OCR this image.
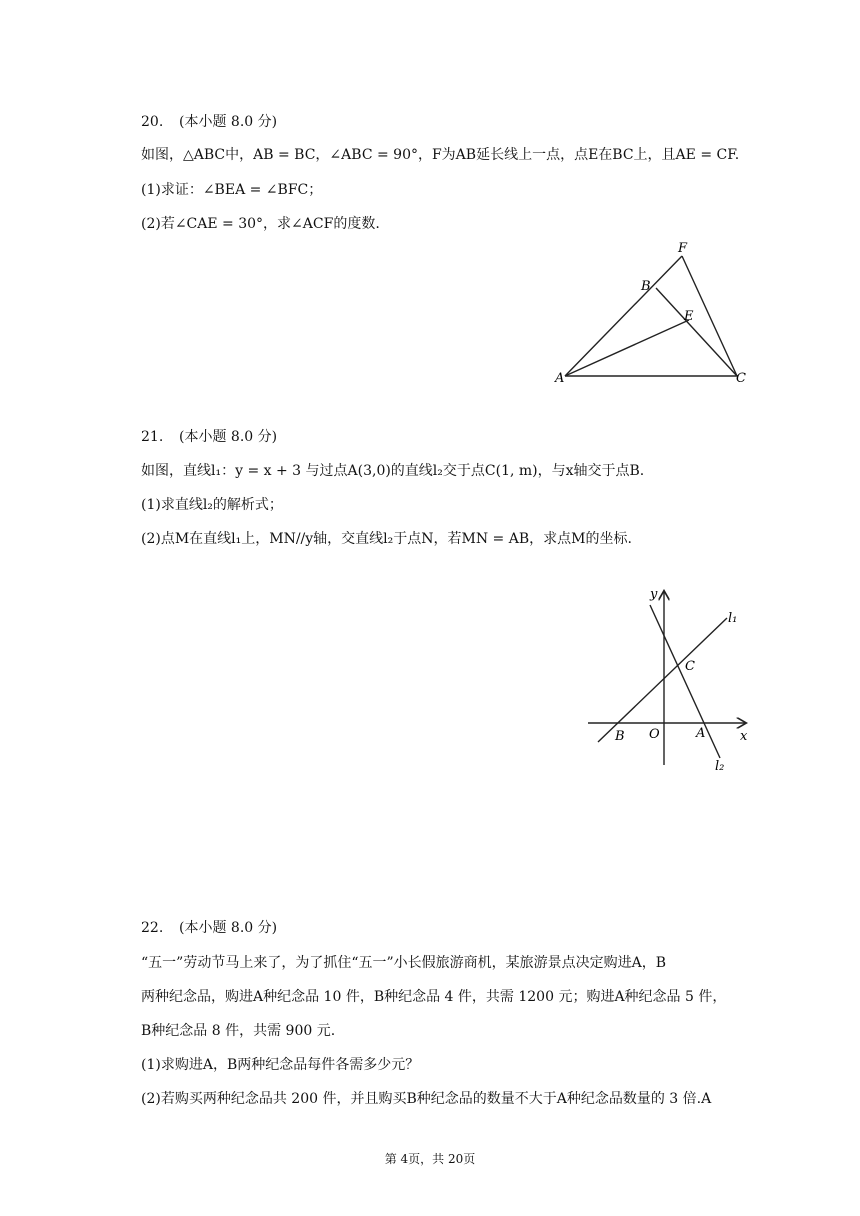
20. (本小题 8.0 分)
如图，△ABC中，AB = BC，∠ABC = 90°，F为AB延长线上一点，点E在BC上，且AE = CF.
(1)求证：∠BEA = ∠BFC；
(2)若∠CAE = 30°，求∠ACF的度数.
F
B
E
A	C
21. (本小题 8.0 分)
如图，直线l₁：y = x + 3 与过点A(3,0)的直线l₂交于点C(1, m)，与x轴交于点B.
(1)求直线l₂的解析式；
(2)点M在直线l₁上，MN//y轴，交直线l₂于点N，若MN = AB，求点M的坐标.
y
x
l₁
l₂
C
B O	A
22. (本小题 8.0 分)
“五一”劳动节马上来了，为了抓住“五一”小长假旅游商机，某旅游景点决定购进A，B
两种纪念品，购进A种纪念品 10 件，B种纪念品 4 件，共需 1200 元；购进A种纪念品 5 件，
B种纪念品 8 件，共需 900 元.
(1)求购进A，B两种纪念品每件各需多少元？
(2)若购买两种纪念品共 200 件，并且购买B种纪念品的数量不大于A种纪念品数量的 3 倍.A
第 4页，共 20页
